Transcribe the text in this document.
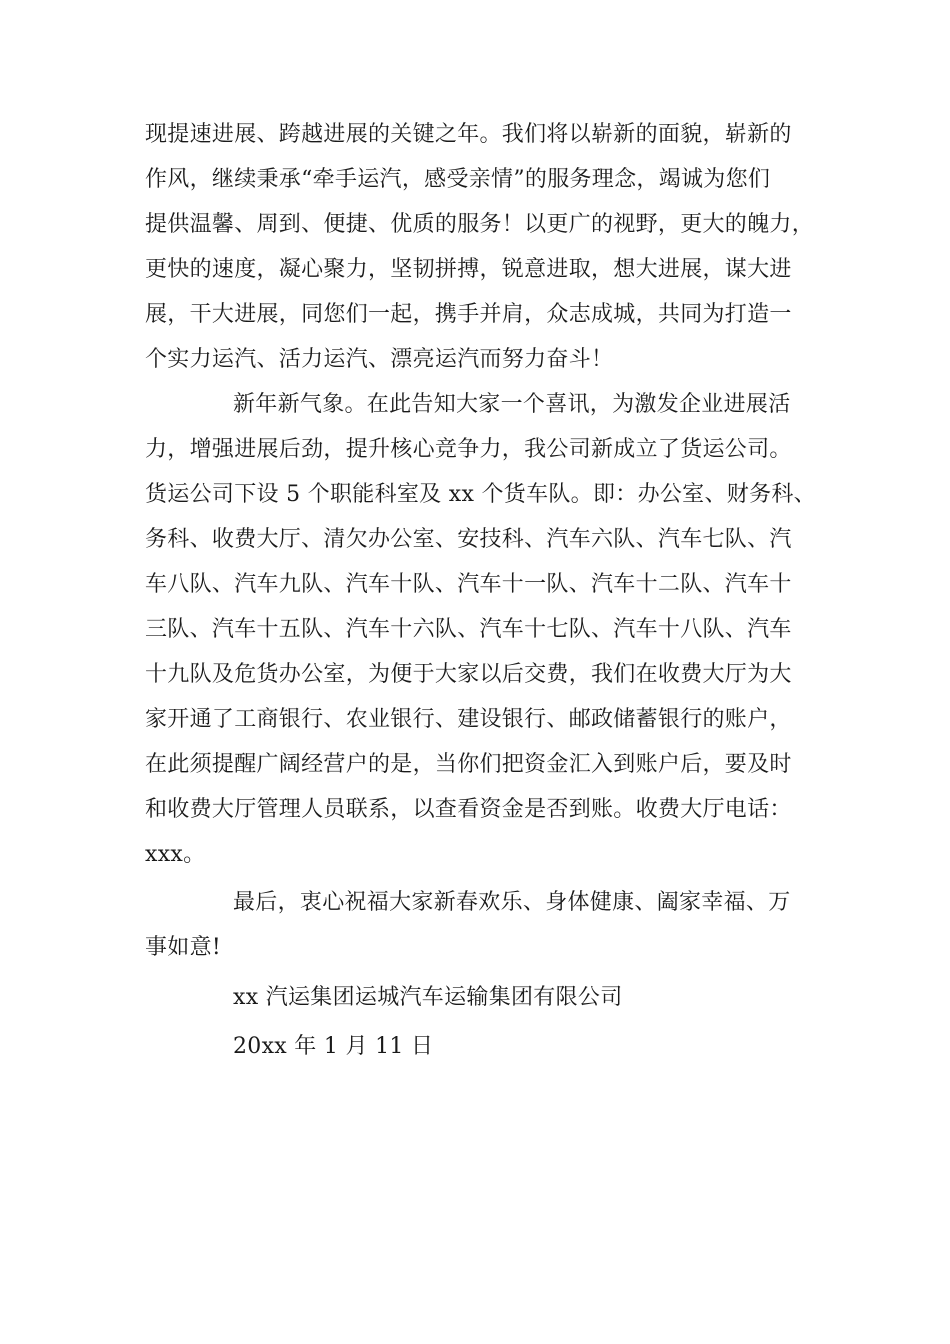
现提速进展、跨越进展的关键之年。我们将以崭新的面貌，崭新的
作风，继续秉承“牵手运汽，感受亲情”的服务理念，竭诚为您们
提供温馨、周到、便捷、优质的服务！以更广的视野，更大的魄力，
更快的速度，凝心聚力，坚韧拼搏，锐意进取，想大进展，谋大进
展，干大进展，同您们一起，携手并肩，众志成城，共同为打造一
个实力运汽、活力运汽、漂亮运汽而努力奋斗！
新年新气象。在此告知大家一个喜讯，为激发企业进展活
力，增强进展后劲，提升核心竞争力，我公司新成立了货运公司。
货运公司下设 5 个职能科室及 xx 个货车队。即：办公室、财务科、
务科、收费大厅、清欠办公室、安技科、汽车六队、汽车七队、汽
车八队、汽车九队、汽车十队、汽车十一队、汽车十二队、汽车十
三队、汽车十五队、汽车十六队、汽车十七队、汽车十八队、汽车
十九队及危货办公室，为便于大家以后交费，我们在收费大厅为大
家开通了工商银行、农业银行、建设银行、邮政储蓄银行的账户，
在此须提醒广阔经营户的是，当你们把资金汇入到账户后，要及时
和收费大厅管理人员联系，以查看资金是否到账。收费大厅电话：
xxx。
最后，衷心祝福大家新春欢乐、身体健康、阖家幸福、万
事如意!
xx 汽运集团运城汽车运输集团有限公司
20xx 年 1 月 11 日
